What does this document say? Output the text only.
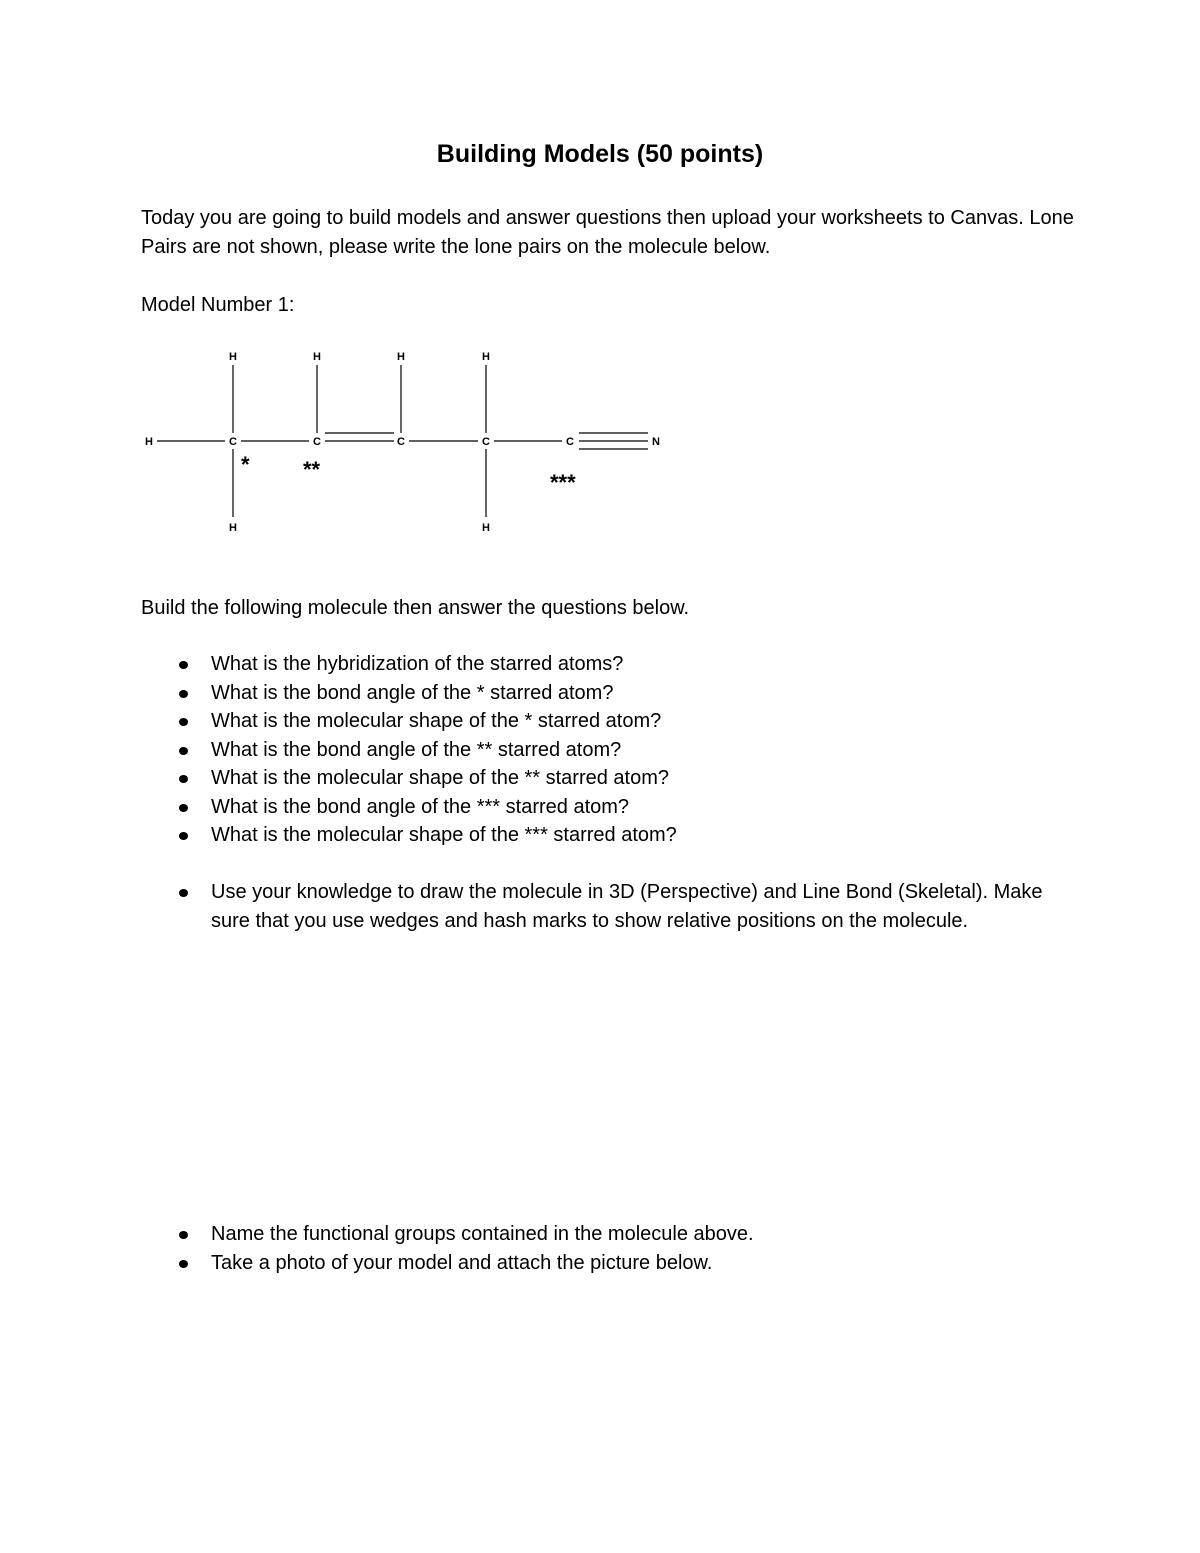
Building Models (50 points)

Today you are going to build models and answer questions then upload your worksheets to Canvas. Lone Pairs are not shown, please write the lone pairs on the molecule below.

Model Number 1:

H
H	H	H	H
H	H
C	C	C	C	C	N
* **
***

Build the following molecule then answer the questions below.

What is the hybridization of the starred atoms?
What is the bond angle of the * starred atom?
What is the molecular shape of the * starred atom?
What is the bond angle of the ** starred atom?
What is the molecular shape of the ** starred atom?
What is the bond angle of the *** starred atom?
What is the molecular shape of the *** starred atom?
Use your knowledge to draw the molecule in 3D (Perspective) and Line Bond (Skeletal). Make sure that you use wedges and hash marks to show relative positions on the molecule.
Name the functional groups contained in the molecule above.
Take a photo of your model and attach the picture below.
